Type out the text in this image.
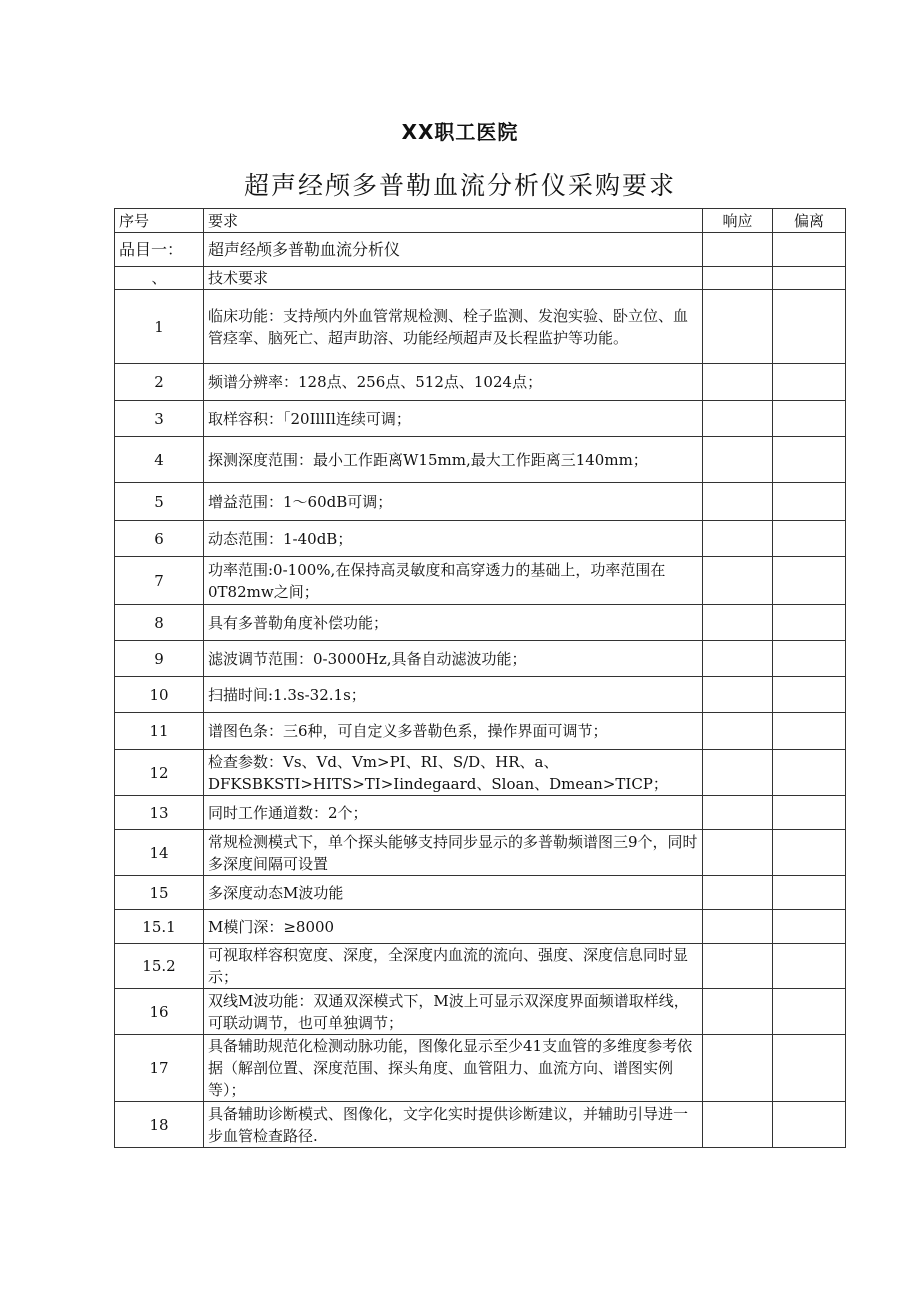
XX职工医院
超声经颅多普勒血流分析仪采购要求
序号	要求	响应	偏离
品目一：	超声经颅多普勒血流分析仪		
、	技术要求		
1	临床功能：支持颅内外血管常规检测、栓子监测、发泡实验、卧立位、血管痉挛、脑死亡、超声助溶、功能经颅超声及长程监护等功能。		
2	频谱分辨率：128点、256点、512点、1024点；		
3	取样容积：「20IllIl连续可调；		
4	探测深度范围：最小工作距离W15mm,最大工作距离三140mm；		
5	增益范围：1～60dB可调；		
6	动态范围：1-40dB；		
7	功率范围:0-100%,在保持高灵敏度和高穿透力的基础上，功率范围在0T82mw之间；		
8	具有多普勒角度补偿功能；		
9	滤波调节范围：0-3000Hz,具备自动滤波功能；		
10	扫描时间:1.3s-32.1s；		
11	谱图色条：三6种，可自定义多普勒色系，操作界面可调节；		
12	检查参数：Vs、Vd、Vm>PI、RI、S/D、HR、a、DFKSBKSTI>HITS>TI>Iindegaard、Sloan、Dmean>TICP；		
13	同时工作通道数：2个；		
14	常规检测模式下，单个探头能够支持同步显示的多普勒频谱图三9个，同时多深度间隔可设置		
15	多深度动态M波功能		
15.1	M模门深：≥8000		
15.2	可视取样容积宽度、深度，全深度内血流的流向、强度、深度信息同时显示；		
16	双线M波功能：双通双深模式下，M波上可显示双深度界面频谱取样线，可联动调节，也可单独调节；		
17	具备辅助规范化检测动脉功能，图像化显示至少41支血管的多维度参考依据（解剖位置、深度范围、探头角度、血管阻力、血流方向、谱图实例等）；		
18	具备辅助诊断模式、图像化，文字化实时提供诊断建议，并辅助引导进一步血管检查路径.		
